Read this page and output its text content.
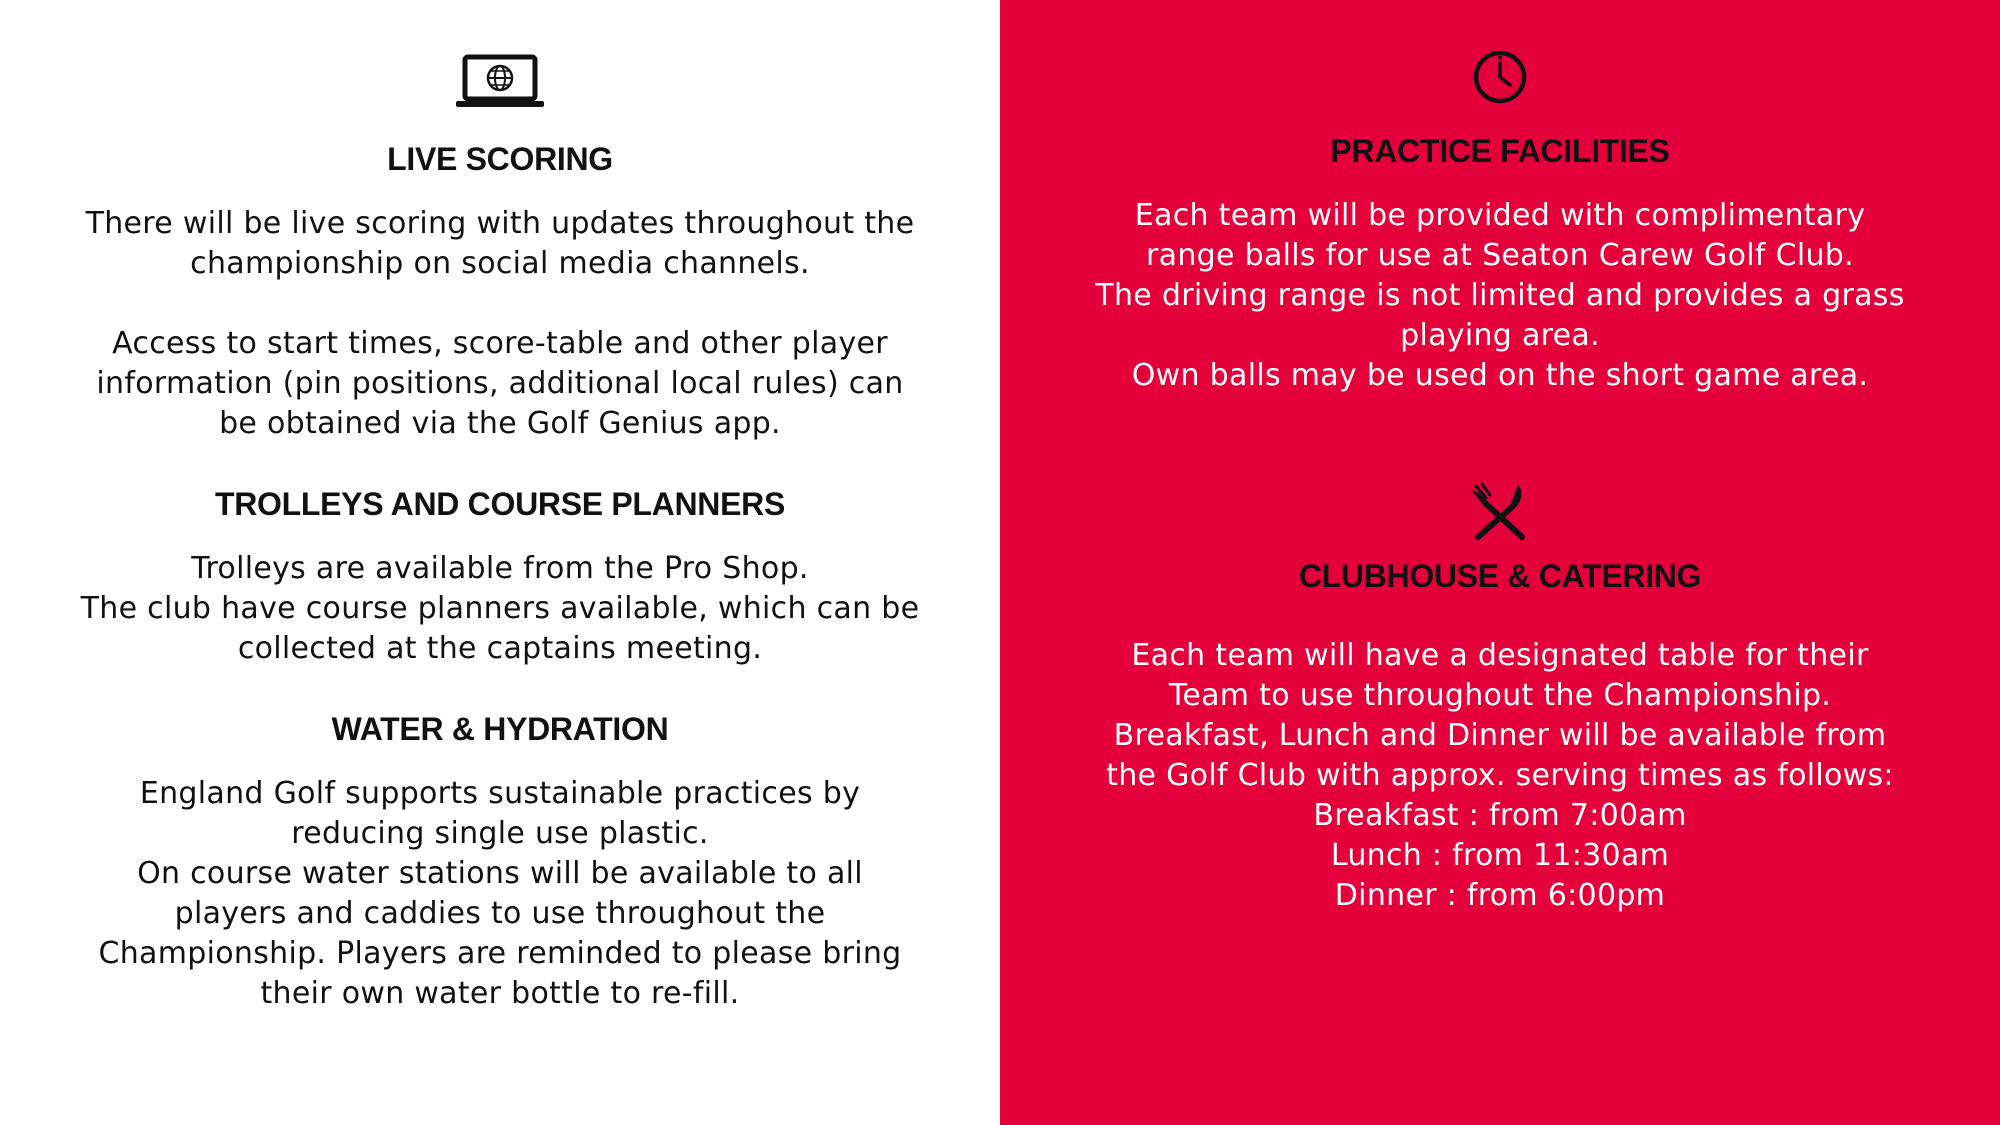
LIVE SCORING
There will be live scoring with updates throughout the
championship on social media channels.

Access to start times, score-table and other player
information (pin positions, additional local rules) can
be obtained via the Golf Genius app.
TROLLEYS AND COURSE PLANNERS
Trolleys are available from the Pro Shop.
The club have course planners available, which can be
collected at the captains meeting.
WATER & HYDRATION
England Golf supports sustainable practices by
reducing single use plastic.
On course water stations will be available to all
players and caddies to use throughout the
Championship. Players are reminded to please bring
their own water bottle to re-fill.
PRACTICE FACILITIES
Each team will be provided with complimentary
range balls for use at Seaton Carew Golf Club.
The driving range is not limited and provides a grass
playing area.
Own balls may be used on the short game area.
CLUBHOUSE & CATERING
Each team will have a designated table for their
Team to use throughout the Championship.
Breakfast, Lunch and Dinner will be available from
the Golf Club with approx. serving times as follows:
Breakfast : from 7:00am
Lunch : from 11:30am
Dinner : from 6:00pm
